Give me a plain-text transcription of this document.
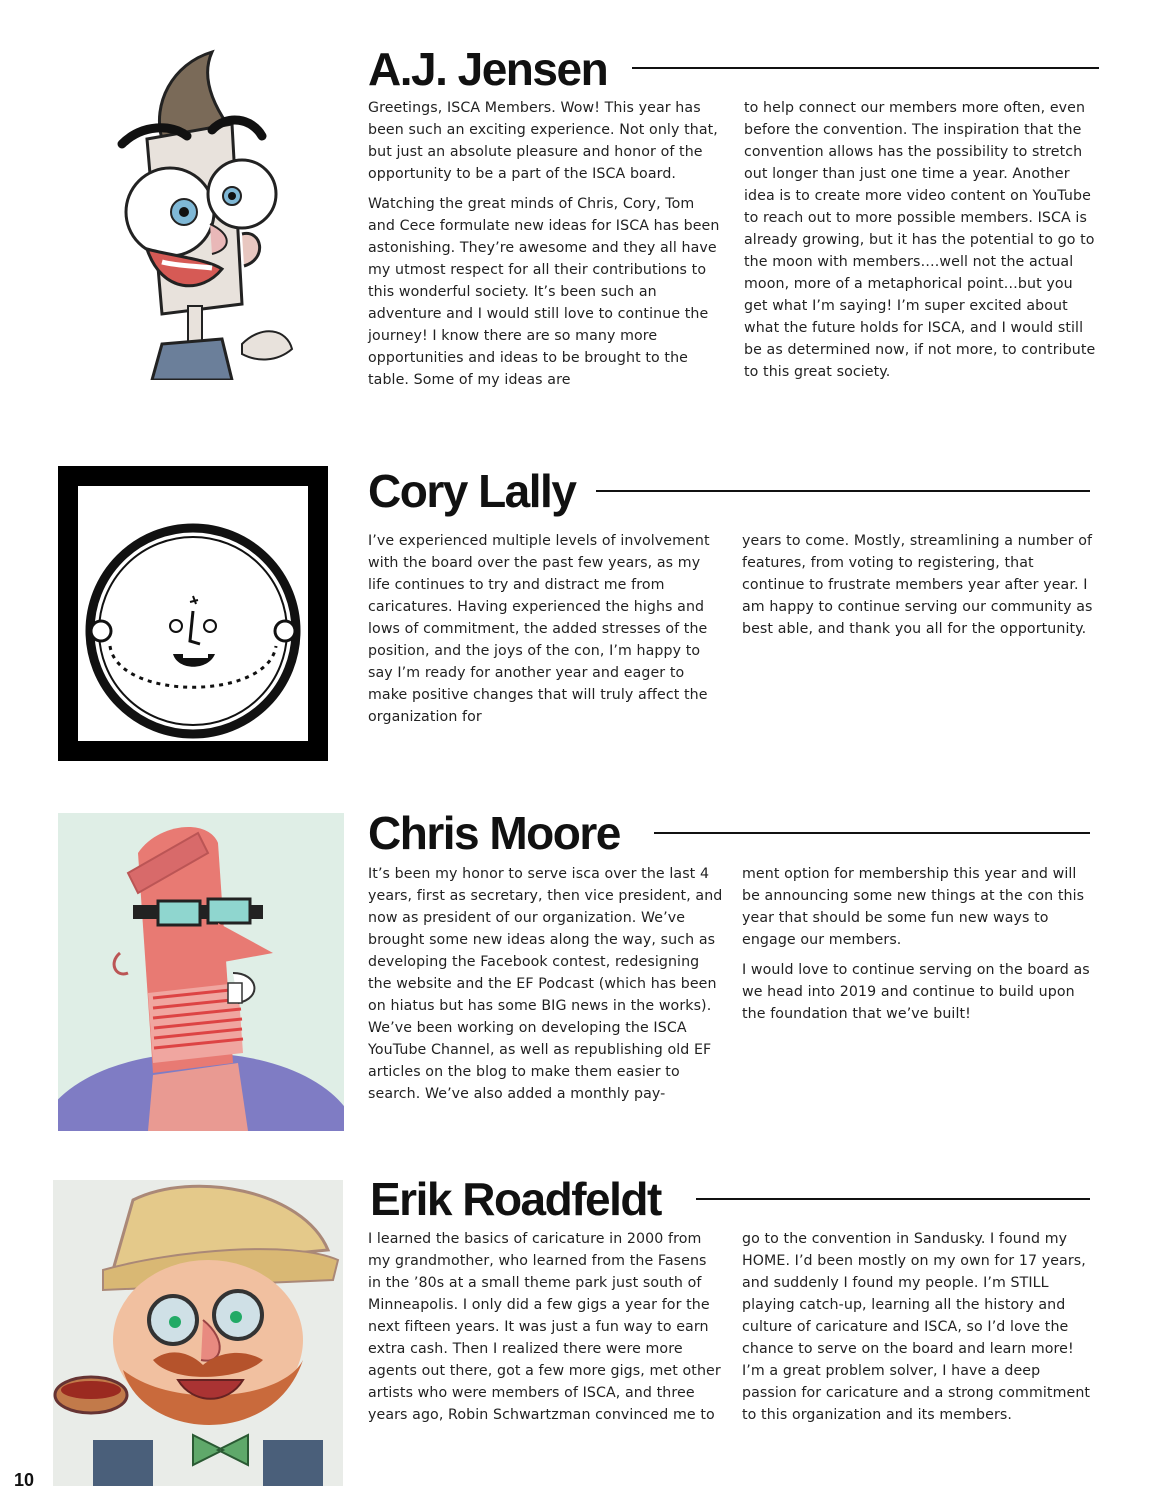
A.J. Jensen

Greetings, ISCA Members. Wow! This year has been such an exciting experience. Not only that, but just an absolute pleasure and honor of the opportunity to be a part of the ISCA board.

Watching the great minds of Chris, Cory, Tom and Cece formulate new ideas for ISCA has been astonishing. They’re awesome and they all have my utmost respect for all their contributions to this wonderful society. It’s been such an adventure and I would still love to continue the journey! I know there are so many more opportunities and ideas to be brought to the table. Some of my ideas are

to help connect our members more often, even before the convention. The inspiration that the convention allows has the possibility to stretch out longer than just one time a year. Another idea is to create more video content on YouTube to reach out to more possible members. ISCA is already growing, but it has the potential to go to the moon with members….well not the actual moon, more of a metaphorical point…but you get what I’m saying! I’m super excited about what the future holds for ISCA, and I would still be as determined now, if not more, to contribute to this great society.

Cory Lally

I’ve experienced multiple levels of involvement with the board over the past few years, as my life continues to try and distract me from caricatures. Having experienced the highs and lows of commitment, the added stresses of the position, and the joys of the con, I’m happy to say I’m ready for another year and eager to make positive changes that will truly affect the organization for

years to come. Mostly, streamlining a number of features, from voting to registering, that continue to frustrate members year after year. I am happy to continue serving our community as best able, and thank you all for the opportunity.

Chris Moore

It’s been my honor to serve isca over the last 4 years, first as secretary, then vice president, and now as president of our organization. We’ve brought some new ideas along the way, such as developing the Facebook contest, redesigning the website and the EF Podcast (which has been on hiatus but has some BIG news in the works). We’ve been working on developing the ISCA YouTube Channel, as well as republishing old EF articles on the blog to make them easier to search. We’ve also added a monthly pay-

ment option for membership this year and will be announcing some new things at the con this year that should be some fun new ways to engage our members.

I would love to continue serving on the board as we head into 2019 and continue to build upon the foundation that we’ve built!

Erik Roadfeldt

I learned the basics of caricature in 2000 from my grandmother, who learned from the Fasens in the ’80s at a small theme park just south of Minneapolis. I only did a few gigs a year for the next fifteen years. It was just a fun way to earn extra cash. Then I realized there were more agents out there, got a few more gigs, met other artists who were members of ISCA, and three years ago, Robin Schwartzman convinced me to

go to the convention in Sandusky. I found my HOME. I’d been mostly on my own for 17 years, and suddenly I found my people. I’m STILL playing catch-up, learning all the history and culture of caricature and ISCA, so I’d love the chance to serve on the board and learn more! I’m a great problem solver, I have a deep passion for caricature and a strong commitment to this organization and its members.

10
